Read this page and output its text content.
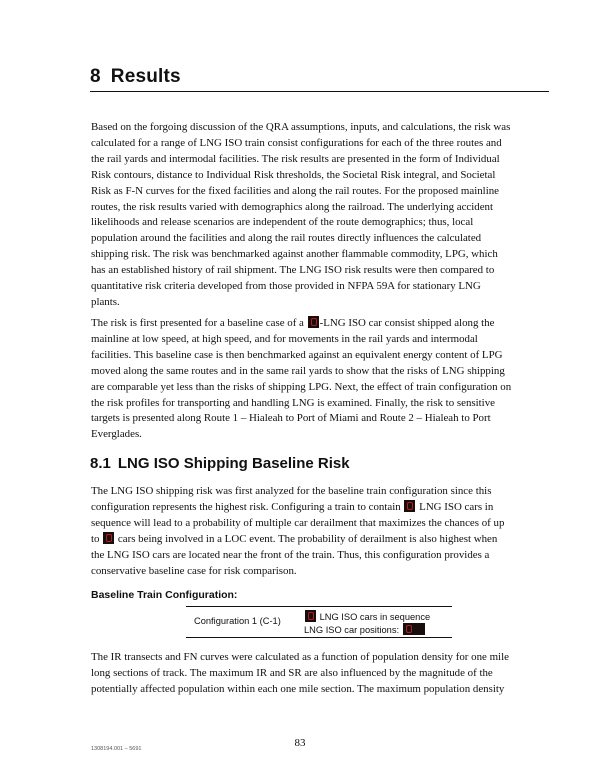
8 Results

Based on the forgoing discussion of the QRA assumptions, inputs, and calculations, the risk was
calculated for a range of LNG ISO train consist configurations for each of the three routes and
the rail yards and intermodal facilities. The risk results are presented in the form of Individual
Risk contours, distance to Individual Risk thresholds, the Societal Risk integral, and Societal
Risk as F-N curves for the fixed facilities and along the rail routes. For the proposed mainline
routes, the risk results varied with demographics along the railroad. The underlying accident
likelihoods and release scenarios are independent of the route demographics; thus, local
population around the facilities and along the rail routes directly influences the calculated
shipping risk. The risk was benchmarked against another flammable commodity, LPG, which
has an established history of rail shipment. The LNG ISO risk results were then compared to
quantitative risk criteria developed from those provided in NFPA 59A for stationary LNG
plants.

The risk is first presented for a baseline case of a -LNG ISO car consist shipped along the
mainline at low speed, at high speed, and for movements in the rail yards and intermodal
facilities. This baseline case is then benchmarked against an equivalent energy content of LPG
moved along the same routes and in the same rail yards to show that the risks of LNG shipping
are comparable yet less than the risks of shipping LPG. Next, the effect of train configuration on
the risk profiles for transporting and handling LNG is examined. Finally, the risk to sensitive
targets is presented along Route 1 – Hialeah to Port of Miami and Route 2 – Hialeah to Port
Everglades.

8.1 LNG ISO Shipping Baseline Risk

The LNG ISO shipping risk was first analyzed for the baseline train configuration since this
configuration represents the highest risk. Configuring a train to contain  LNG ISO cars in
sequence will lead to a probability of multiple car derailment that maximizes the chances of up
to  cars being involved in a LOC event. The probability of derailment is also highest when
the LNG ISO cars are located near the front of the train. Thus, this configuration provides a
conservative baseline case for risk comparison.

Baseline Train Configuration:
Configuration 1 (C-1)	LNG ISO cars in sequence
LNG ISO car positions:

The IR transects and FN curves were calculated as a function of population density for one mile
long sections of track. The maximum IR and SR are also influenced by the magnitude of the
potentially affected population within each one mile section. The maximum population density

1308194.001 – 5691	83
